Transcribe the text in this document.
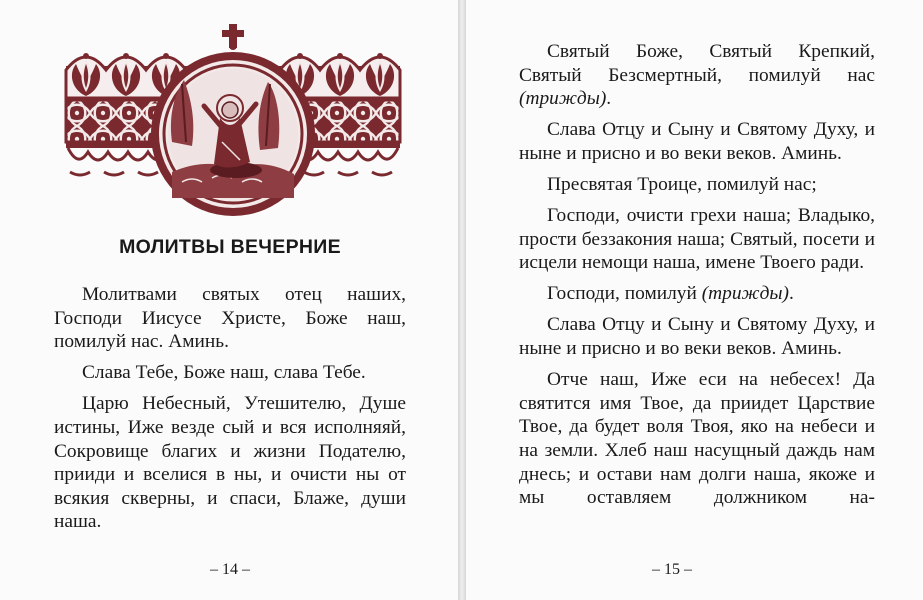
МОЛИТВЫ ВЕЧЕРНИЕ

Молитвами святых отец наших, Господи Иисусе Христе, Боже наш, помилуй нас. Аминь.

Слава Тебе, Боже наш, слава Тебе.

Царю Небесный, Утешителю, Душе истины, Иже везде сый и вся исполняяй, Сокровище благих и жизни Подателю, прииди и вселися в ны, и очисти ны от всякия скверны, и спаси, Блаже, души наша.

– 14 –

Святый Боже, Святый Крепкий, Святый Безсмертный, помилуй нас (трижды).

Слава Отцу и Сыну и Святому Духу, и ныне и присно и во веки веков. Аминь.

Пресвятая Троице, помилуй нас;

Господи, очисти грехи наша; Владыко, прости беззакония наша; Святый, посети и исцели немощи наша, имене Твоего ради.

Господи, помилуй (трижды).

Слава Отцу и Сыну и Святому Духу, и ныне и присно и во веки веков. Аминь.

Отче наш, Иже еси на небесех! Да святится имя Твое, да приидет Царствие Твое, да будет воля Твоя, яко на небеси и на земли. Хлеб наш насущный даждь нам днесь; и остави нам долги наша, якоже и мы оставляем должником на-

– 15 –
